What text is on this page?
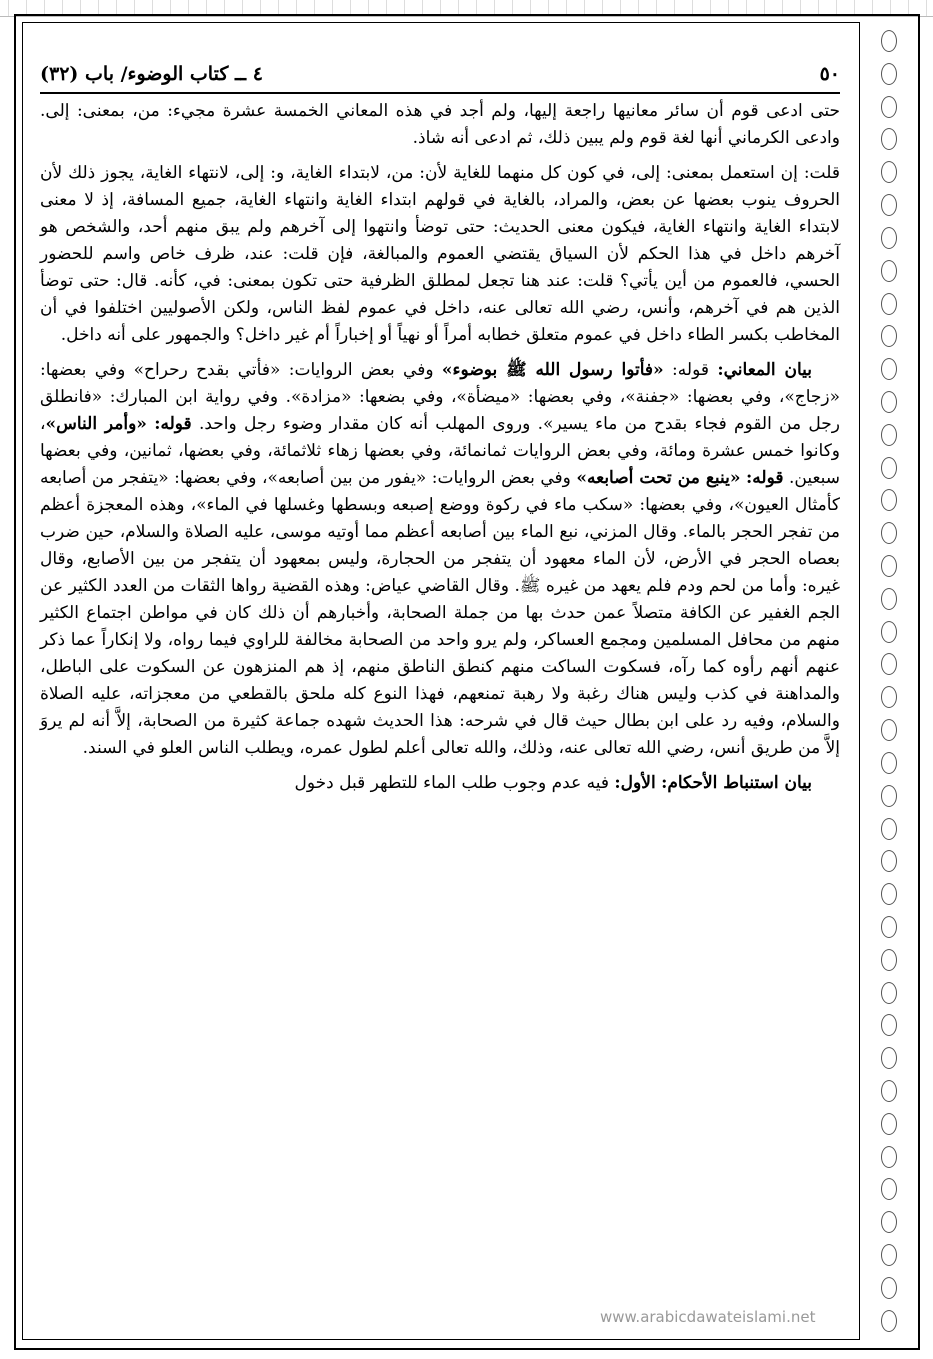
٥٠
٤ ــ كتاب الوضوء/ باب (٣٢)

حتى ادعى قوم أن سائر معانيها راجعة إليها، ولم أجد في هذه المعاني الخمسة عشرة مجيء: من، بمعنى: إلى. وادعى الكرماني أنها لغة قوم ولم يبين ذلك، ثم ادعى أنه شاذ.

قلت: إن استعمل بمعنى: إلى، في كون كل منهما للغاية لأن: من، لابتداء الغاية، و: إلى، لانتهاء الغاية، يجوز ذلك لأن الحروف ينوب بعضها عن بعض، والمراد، بالغاية في قولهم ابتداء الغاية وانتهاء الغاية، جميع المسافة، إذ لا معنى لابتداء الغاية وانتهاء الغاية، فيكون معنى الحديث: حتى توضأ وانتهوا إلى آخرهم ولم يبق منهم أحد، والشخص هو آخرهم داخل في هذا الحكم لأن السياق يقتضي العموم والمبالغة، فإن قلت: عند، ظرف خاص واسم للحضور الحسي، فالعموم من أين يأتي؟ قلت: عند هنا تجعل لمطلق الظرفية حتى تكون بمعنى: في، كأنه. قال: حتى توضأ الذين هم في آخرهم، وأنس، رضي الله تعالى عنه، داخل في عموم لفظ الناس، ولكن الأصوليين اختلفوا في أن المخاطب بكسر الطاء داخل في عموم متعلق خطابه أمراً أو نهياً أو إخباراً أم غير داخل؟ والجمهور على أنه داخل.

بيان المعاني: قوله: «فأتوا رسول الله ﷺ بوضوء» وفي بعض الروايات: «فأتي بقدح رحراح» وفي بعضها: «زجاج»، وفي بعضها: «جفنة»، وفي بعضها: «ميضأة»، وفي بضعها: «مزادة». وفي رواية ابن المبارك: «فانطلق رجل من القوم فجاء بقدح من ماء يسير». وروى المهلب أنه كان مقدار وضوء رجل واحد. قوله: «وأمر الناس»، وكانوا خمس عشرة ومائة، وفي بعض الروايات ثمانمائة، وفي بعضها زهاء ثلاثمائة، وفي بعضها، ثمانين، وفي بعضها سبعين. قوله: «ينبع من تحت أصابعه» وفي بعض الروايات: «يفور من بين أصابعه»، وفي بعضها: «يتفجر من أصابعه كأمثال العيون»، وفي بعضها: «سكب ماء في ركوة ووضع إصبعه وبسطها وغسلها في الماء»، وهذه المعجزة أعظم من تفجر الحجر بالماء. وقال المزني، نبع الماء بين أصابعه أعظم مما أوتيه موسى، عليه الصلاة والسلام، حين ضرب بعصاه الحجر في الأرض، لأن الماء معهود أن يتفجر من الحجارة، وليس بمعهود أن يتفجر من بين الأصابع، وقال غيره: وأما من لحم ودم فلم يعهد من غيره ﷺ. وقال القاضي عياض: وهذه القضية رواها الثقات من العدد الكثير عن الجم الغفير عن الكافة متصلاً عمن حدث بها من جملة الصحابة، وأخبارهم أن ذلك كان في مواطن اجتماع الكثير منهم من محافل المسلمين ومجمع العساكر، ولم يرو واحد من الصحابة مخالفة للراوي فيما رواه، ولا إنكاراً عما ذكر عنهم أنهم رأوه كما رآه، فسكوت الساكت منهم كنطق الناطق منهم، إذ هم المنزهون عن السكوت على الباطل، والمداهنة في كذب وليس هناك رغبة ولا رهبة تمنعهم، فهذا النوع كله ملحق بالقطعي من معجزاته، عليه الصلاة والسلام، وفيه رد على ابن بطال حيث قال في شرحه: هذا الحديث شهده جماعة كثيرة من الصحابة، إلاَّ أنه لم يروَ إلاَّ من طريق أنس، رضي الله تعالى عنه، وذلك، والله تعالى أعلم لطول عمره، ويطلب الناس العلو في السند.

بيان استنباط الأحكام: الأول: فيه عدم وجوب طلب الماء للتطهر قبل دخول

www.arabicdawateislami.net
